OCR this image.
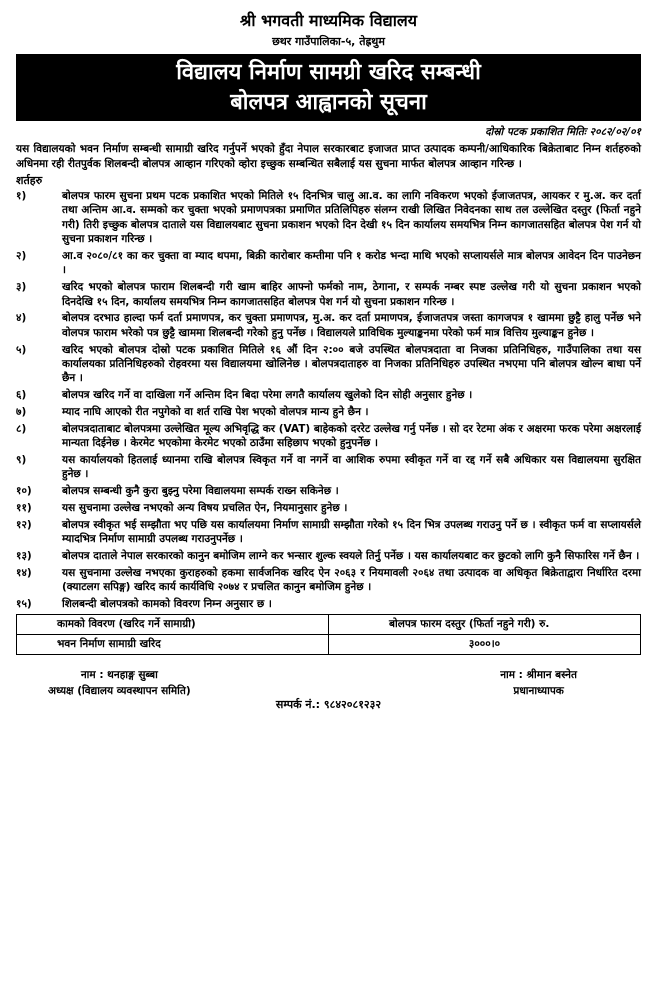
श्री भगवती माध्यमिक विद्यालय
छथर गाउँपालिका-५, तेह्रथुम
विद्यालय निर्माण सामग्री खरिद सम्बन्धी
बोलपत्र आह्वानको सूचना
दोस्रो पटक प्रकाशित मितिः २०८२/०२/०१
यस विद्यालयको भवन निर्माण सम्बन्धी सामाग्री खरिद गर्नुपर्ने भएकाे हुँदा नेपाल सरकारबाट इजाजत प्राप्त उत्पादक कम्पनी/आधिकारिक बिक्रेताबाट निम्न शर्तहरुको अधिनमा रही रीतपुर्वक शिलबन्दी बोलपत्र आव्हान गरिएको व्होरा इच्छुक सम्बन्धित सबैलाई यस सुचना मार्फत बोलपत्र आव्हान गरिन्छ ।
शर्तहरु
१)	बोलपत्र फारम सुचना प्रथम पटक प्रकाशित भएको मितिले १५ दिनभित्र चालु आ.व. का लागि नविकरण भएको ईजाजतपत्र, आयकर र मु.अ. कर दर्ता तथा अन्तिम आ.व. सम्मको कर चुक्ता भएको प्रमाणपत्रका प्रमाणित प्रतिलिपिहरु संलग्न राखी लिखित निवेदनका साथ तल उल्लेखित दस्तुर (फिर्ता नहुने गरी) तिरी इच्छुक बोलपत्र दाताले यस विद्यालयबाट सुचना प्रकाशन भएको दिन देखी १५ दिन कार्यालय समयभित्र निम्न कागजातसहित बोलपत्र पेश गर्न यो सुचना प्रकाशन गरिन्छ ।
२)	आ.व २०८०/८१ का कर चुक्ता वा म्याद थपमा, बिक्री कारोबार कम्तीमा पनि १ करोड भन्दा माथि भएको सप्लायर्सले मात्र बोलपत्र आवेदन दिन पाउनेछन ।
३)	खरिद भएको बोलपत्र फाराम शिलबन्दी गरी खाम बाहिर आफ्नो फर्मको नाम, ठेगाना, र सम्पर्क नम्बर स्पष्ट उल्लेख गरी यो सुचना प्रकाशन भएको दिनदेखि १५ दिन, कार्यालय समयभित्र निम्न कागजातसहित बोलपत्र पेश गर्न यो सुचना प्रकाशन गरिन्छ ।
४)	बोलपत्र दरभाउ हाल्दा फर्म दर्ता प्रमाणपत्र, कर चुक्ता प्रमाणपत्र, मु.अ. कर दर्ता प्रमाणपत्र, ईजाजतपत्र जस्ता कागजपत्र १ खाममा छुट्टै हालु पर्नेछ भने वोलपत्र फाराम भरेको पत्र छुट्टै खाममा शिलबन्दी गरेको हुनु पर्नेछ । विद्यालयले प्राविधिक मुल्याङ्कनमा परेको फर्म मात्र वित्तिय मुल्याङ्कन हुनेछ ।
५)	खरिद भएको बोलपत्र दोस्रो पटक प्रकाशित मितिले १६ औं दिन २:०० बजे उपस्थित बोलपत्रदाता वा निजका प्रतिनिधिहरु, गाउँपालिका तथा यस कार्यालयका प्रतिनिधिहरुको रोहवरमा यस विद्यालयमा खोलिनेछ । बोलपत्रदाताहरु वा निजका प्रतिनिधिहरु उपस्थित नभएमा पनि बोलपत्र खोल्न बाधा पर्ने छैन ।
६)	बोलपत्र खरिद गर्ने वा दाखिला गर्ने अन्तिम दिन बिदा परेमा लगतै कार्यालय खुलेको दिन सोही अनुसार हुनेछ ।
७)	म्याद नाघि आएको रीत नपुगेको वा शर्त राखि पेश भएको वोलपत्र मान्य हुने छैन ।
८)	बोलपत्रदाताबाट बोलपत्रमा उल्लेखित मूल्य अभिवृद्धि कर (VAT) बाहेकको दररेट उल्लेख गर्नु पर्नेछ । सो दर रेटमा अंक र अक्षरमा फरक परेमा अक्षरलाई मान्यता दिईनेछ । केरमेट भएकोमा केरमेट भएको ठाउँमा सहिछाप भएको हुनुपर्नेछ ।
९)	यस कार्यालयको हितलाई ध्यानमा राखि बोलपत्र स्विकृत गर्ने वा नगर्ने वा आशिक रुपमा स्वीकृत गर्ने वा रद्द गर्ने सबै अधिकार यस विद्यालयमा सुरक्षित हुनेछ ।
१०)	बोलपत्र सम्बन्धी कुनै कुरा बुझ्नु परेमा विद्यालयमा सम्पर्क राख्न सकिनेछ ।
११)	यस सुचनामा उल्लेख नभएको अन्य विषय प्रचलित ऐन, नियमानुसार हुनेछ ।
१२)	बोलपत्र स्वीकृत भई सम्झौता भए पछि यस कार्यालयमा निर्माण सामाग्री सम्झौता गरेको १५ दिन भित्र उपलब्ध गराउनु पर्ने छ । स्वीकृत फर्म वा सप्लायर्सले म्यादभित्र निर्माण सामाग्री उपलब्ध गराउनुपर्नेछ ।
१३)	बोलपत्र दाताले नेपाल सरकारको कानुन बमोजिम लाग्ने कर भन्सार शुल्क स्वयले तिर्नु पर्नेछ । यस कार्यालयबाट कर छुटको लागि कुनै सिफारिस गर्ने छैन ।
१४)	यस सुचनामा उल्लेख नभएका कुराहरुको हकमा सार्वजनिक खरिद ऐन २०६३ र नियमावली २०६४ तथा उत्पादक वा अधिकृत बिक्रेताद्वारा निर्धारित दरमा (क्याटलग सपिङ्ग) खरिद कार्य कार्यविधि २०७४ र प्रचलित कानुन बमोजिम हुनेछ ।
१५)	शिलबन्दी बोलपत्रको कामको विवरण निम्न अनुसार छ ।
कामको विवरण (खरिद गर्ने सामाग्री)	बोलपत्र फारम दस्तुर (फिर्ता नहुने गरी) रु.
भवन निर्माण सामाग्री खरिद	३०००।०
नाम : थनहाङ्ग सुब्बा
अध्यक्ष (विद्यालय व्यवस्थापन समिति)
नाम : श्रीमान बस्नेत
प्रधानाध्यापक
सम्पर्क नं.: ९८४२०८१२३२
